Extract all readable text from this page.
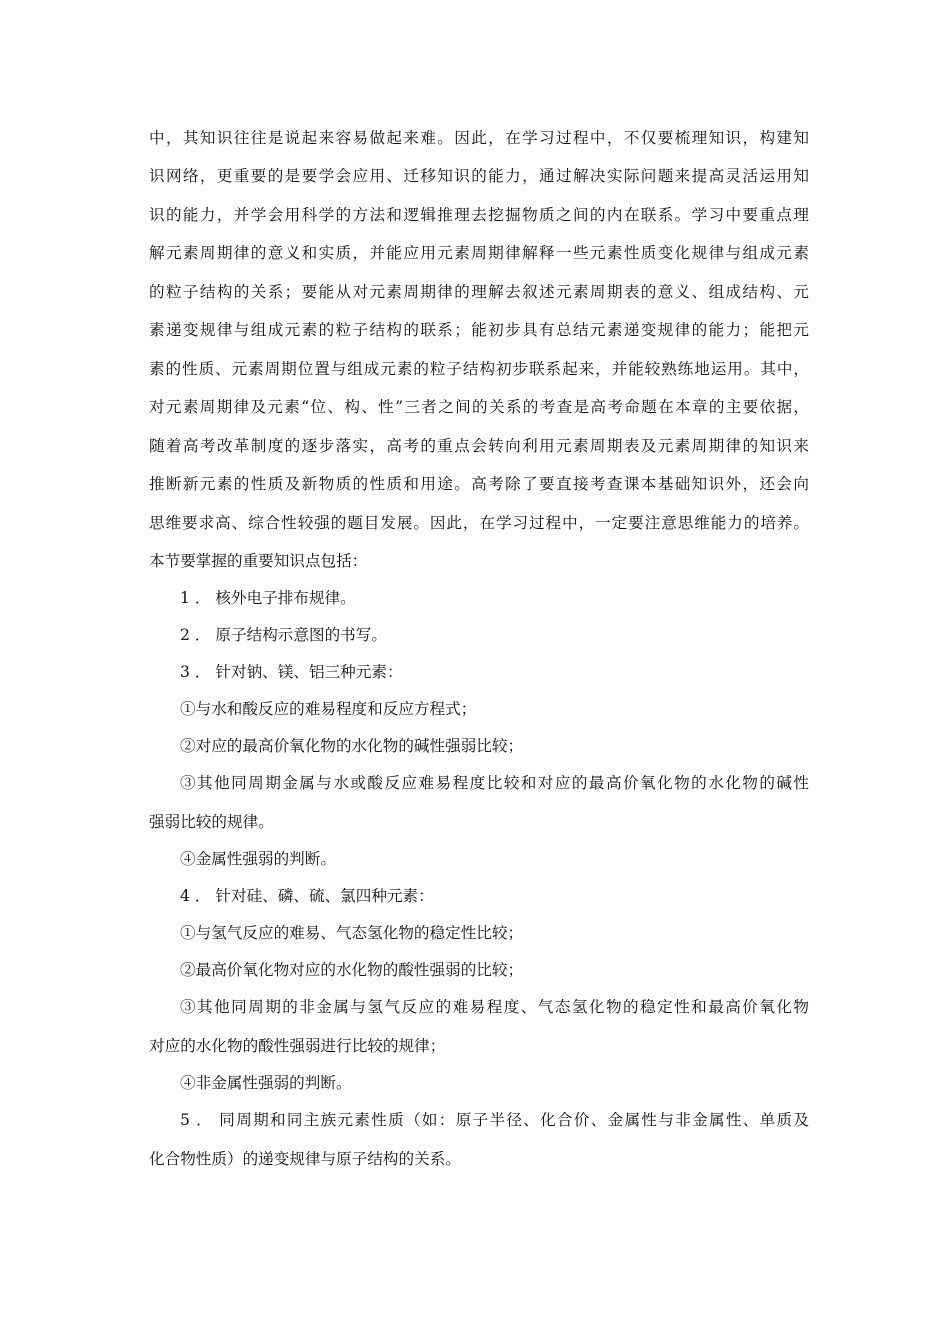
中，其知识往往是说起来容易做起来难。因此，在学习过程中，不仅要梳理知识，构建知
识网络，更重要的是要学会应用、迁移知识的能力，通过解决实际问题来提高灵活运用知
识的能力，并学会用科学的方法和逻辑推理去挖掘物质之间的内在联系。学习中要重点理
解元素周期律的意义和实质，并能应用元素周期律解释一些元素性质变化规律与组成元素
的粒子结构的关系；要能从对元素周期律的理解去叙述元素周期表的意义、组成结构、元
素递变规律与组成元素的粒子结构的联系；能初步具有总结元素递变规律的能力；能把元
素的性质、元素周期位置与组成元素的粒子结构初步联系起来，并能较熟练地运用。其中，
对元素周期律及元素“位、构、性”三者之间的关系的考查是高考命题在本章的主要依据，
随着高考改革制度的逐步落实，高考的重点会转向利用元素周期表及元素周期律的知识来
推断新元素的性质及新物质的性质和用途。高考除了要直接考查课本基础知识外，还会向
思维要求高、综合性较强的题目发展。因此，在学习过程中，一定要注意思维能力的培养。
本节要掌握的重要知识点包括：
1 ． 核外电子排布规律。
2 ． 原子结构示意图的书写。
3 ． 针对钠、镁、铝三种元素：
①与水和酸反应的难易程度和反应方程式；
②对应的最高价氧化物的水化物的碱性强弱比较；
③其他同周期金属与水或酸反应难易程度比较和对应的最高价氧化物的水化物的碱性
强弱比较的规律。
④金属性强弱的判断。
4 ． 针对硅、磷、硫、氯四种元素：
①与氢气反应的难易、气态氢化物的稳定性比较；
②最高价氧化物对应的水化物的酸性强弱的比较；
③其他同周期的非金属与氢气反应的难易程度、气态氢化物的稳定性和最高价氧化物
对应的水化物的酸性强弱进行比较的规律；
④非金属性强弱的判断。
5 ． 同周期和同主族元素性质（如：原子半径、化合价、金属性与非金属性、单质及
化合物性质）的递变规律与原子结构的关系。
